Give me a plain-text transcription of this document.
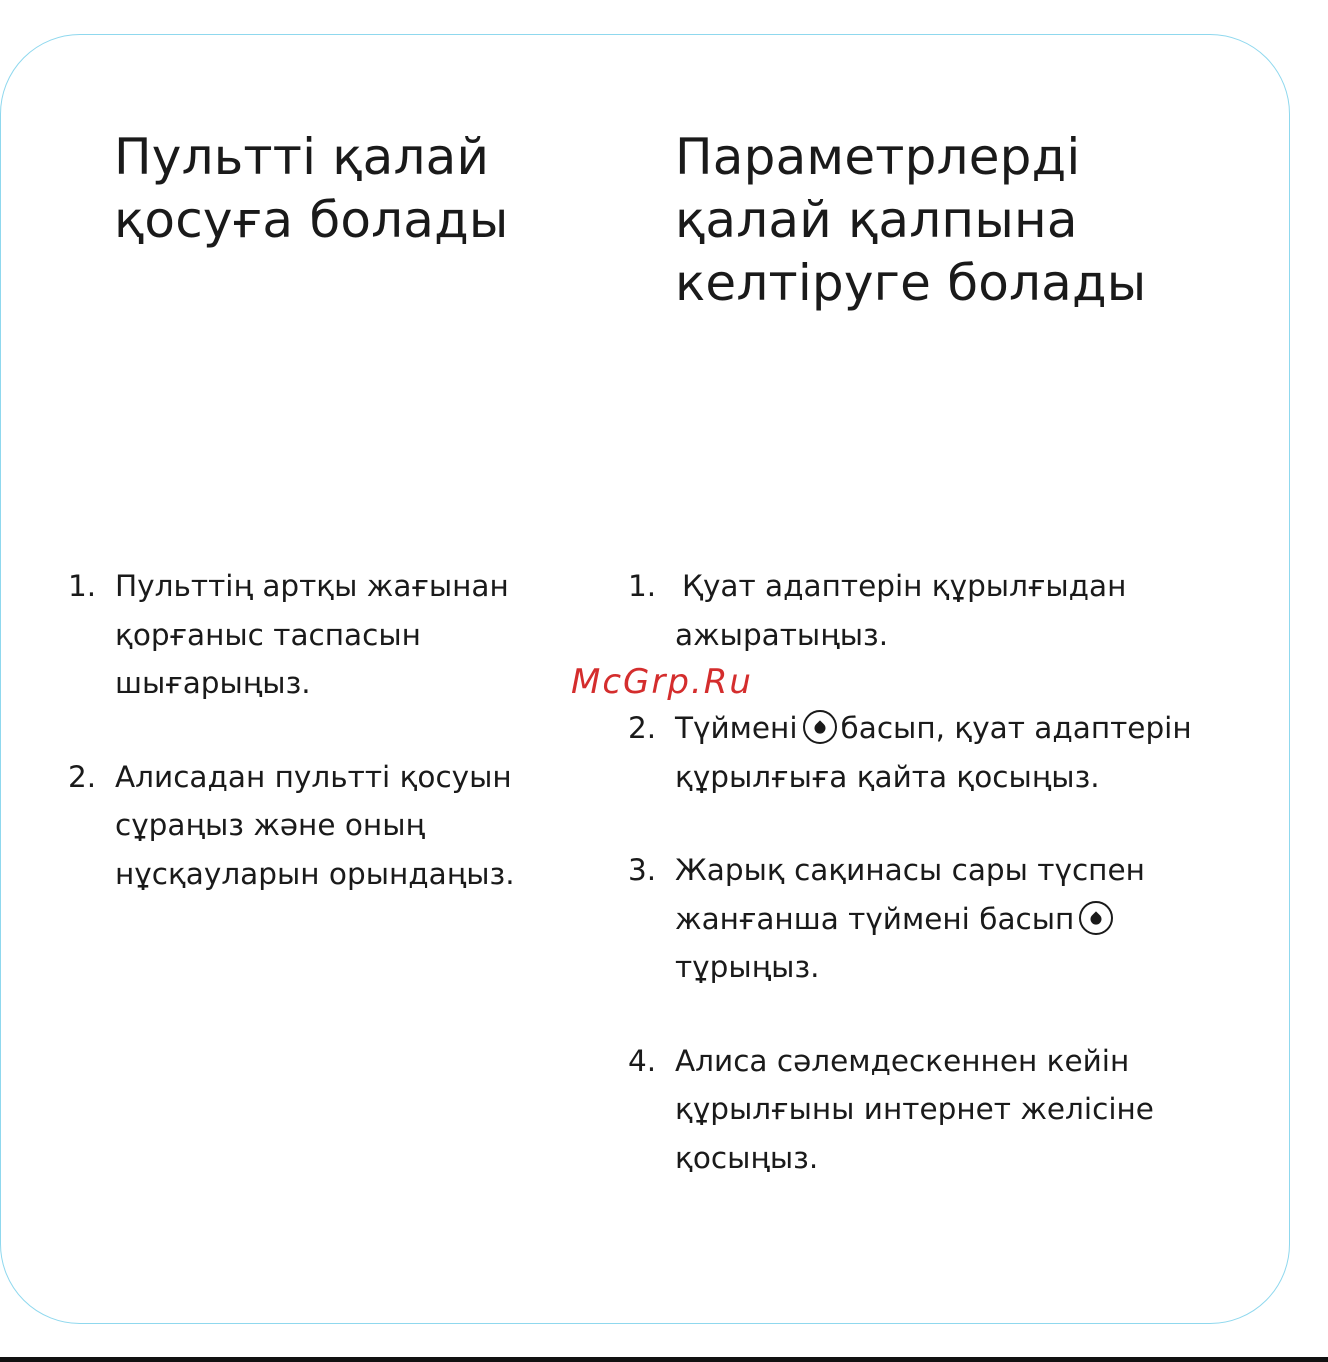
Пультті қалай
қосуға болады
1. Пульттің артқы жағынан
қорғаныс таспасын
шығарыңыз.
2. Алисадан пультті қосуын
сұраңыз және оның
нұсқауларын орындаңыз.
Параметрлерді
қалай қалпына
келтіруге болады
1. Қуат адаптерін құрылғыдан
ажыратыңыз.
2. Түймені басып, қуат адаптерін
құрылғыға қайта қосыңыз.
3. Жарық сақинасы сары түспен
жанғанша түймені басып
тұрыңыз.
4. Алиса сәлемдескеннен кейін
құрылғыны интернет желісіне
қосыңыз.
McGrp.Ru
